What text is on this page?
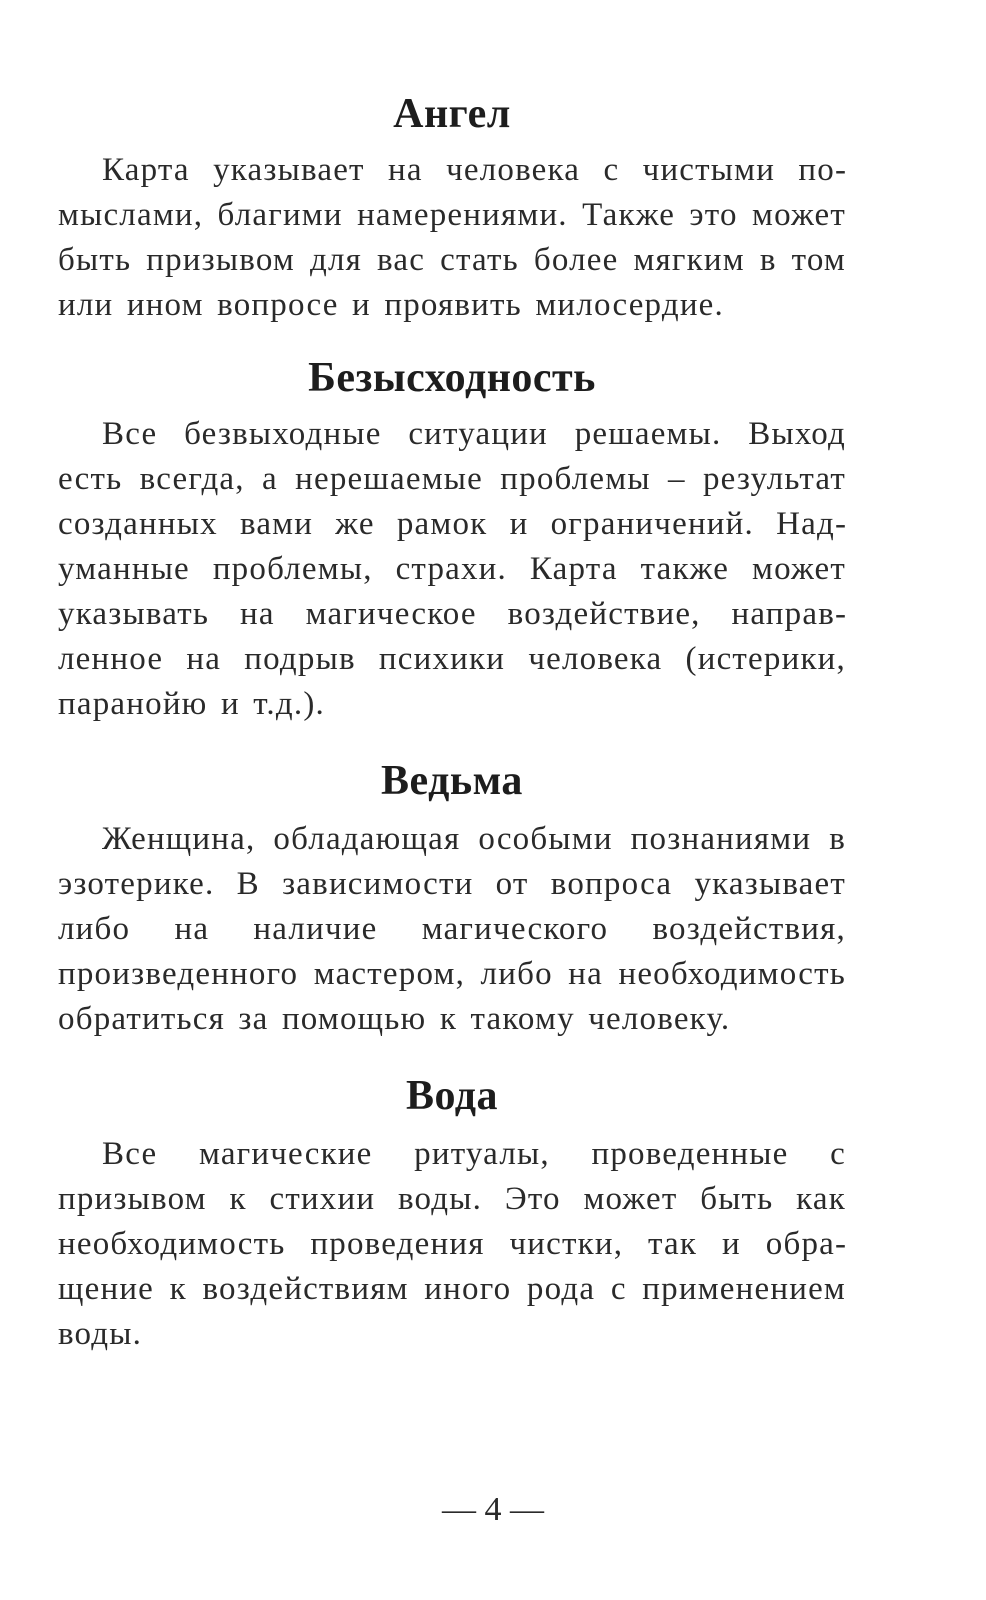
Ангел

Карта указывает на человека с чистыми помыслами, благими намерениями. Также это может быть призывом для вас стать более мягким в том или ином вопросе и проявить милосердие.

Безысходность

Все безвыходные ситуации решаемы. Выход есть всегда, а нерешаемые проблемы – результат созданных вами же рамок и ограничений. Надуманные проблемы, страхи. Карта также может указывать на магическое воздействие, направленное на подрыв психики человека (истерики, паранойю и т.д.).

Ведьма

Женщина, обладающая особыми познаниями в эзотерике. В зависимости от вопроса указывает либо на наличие магического воздействия, произведенного мастером, либо на необходимость обратиться за помощью к такому человеку.

Вода

Все магические ритуалы, проведенные с призывом к стихии воды. Это может быть как необходимость проведения чистки, так и обращение к воздействиям иного рода с применением воды.

— 4 —
